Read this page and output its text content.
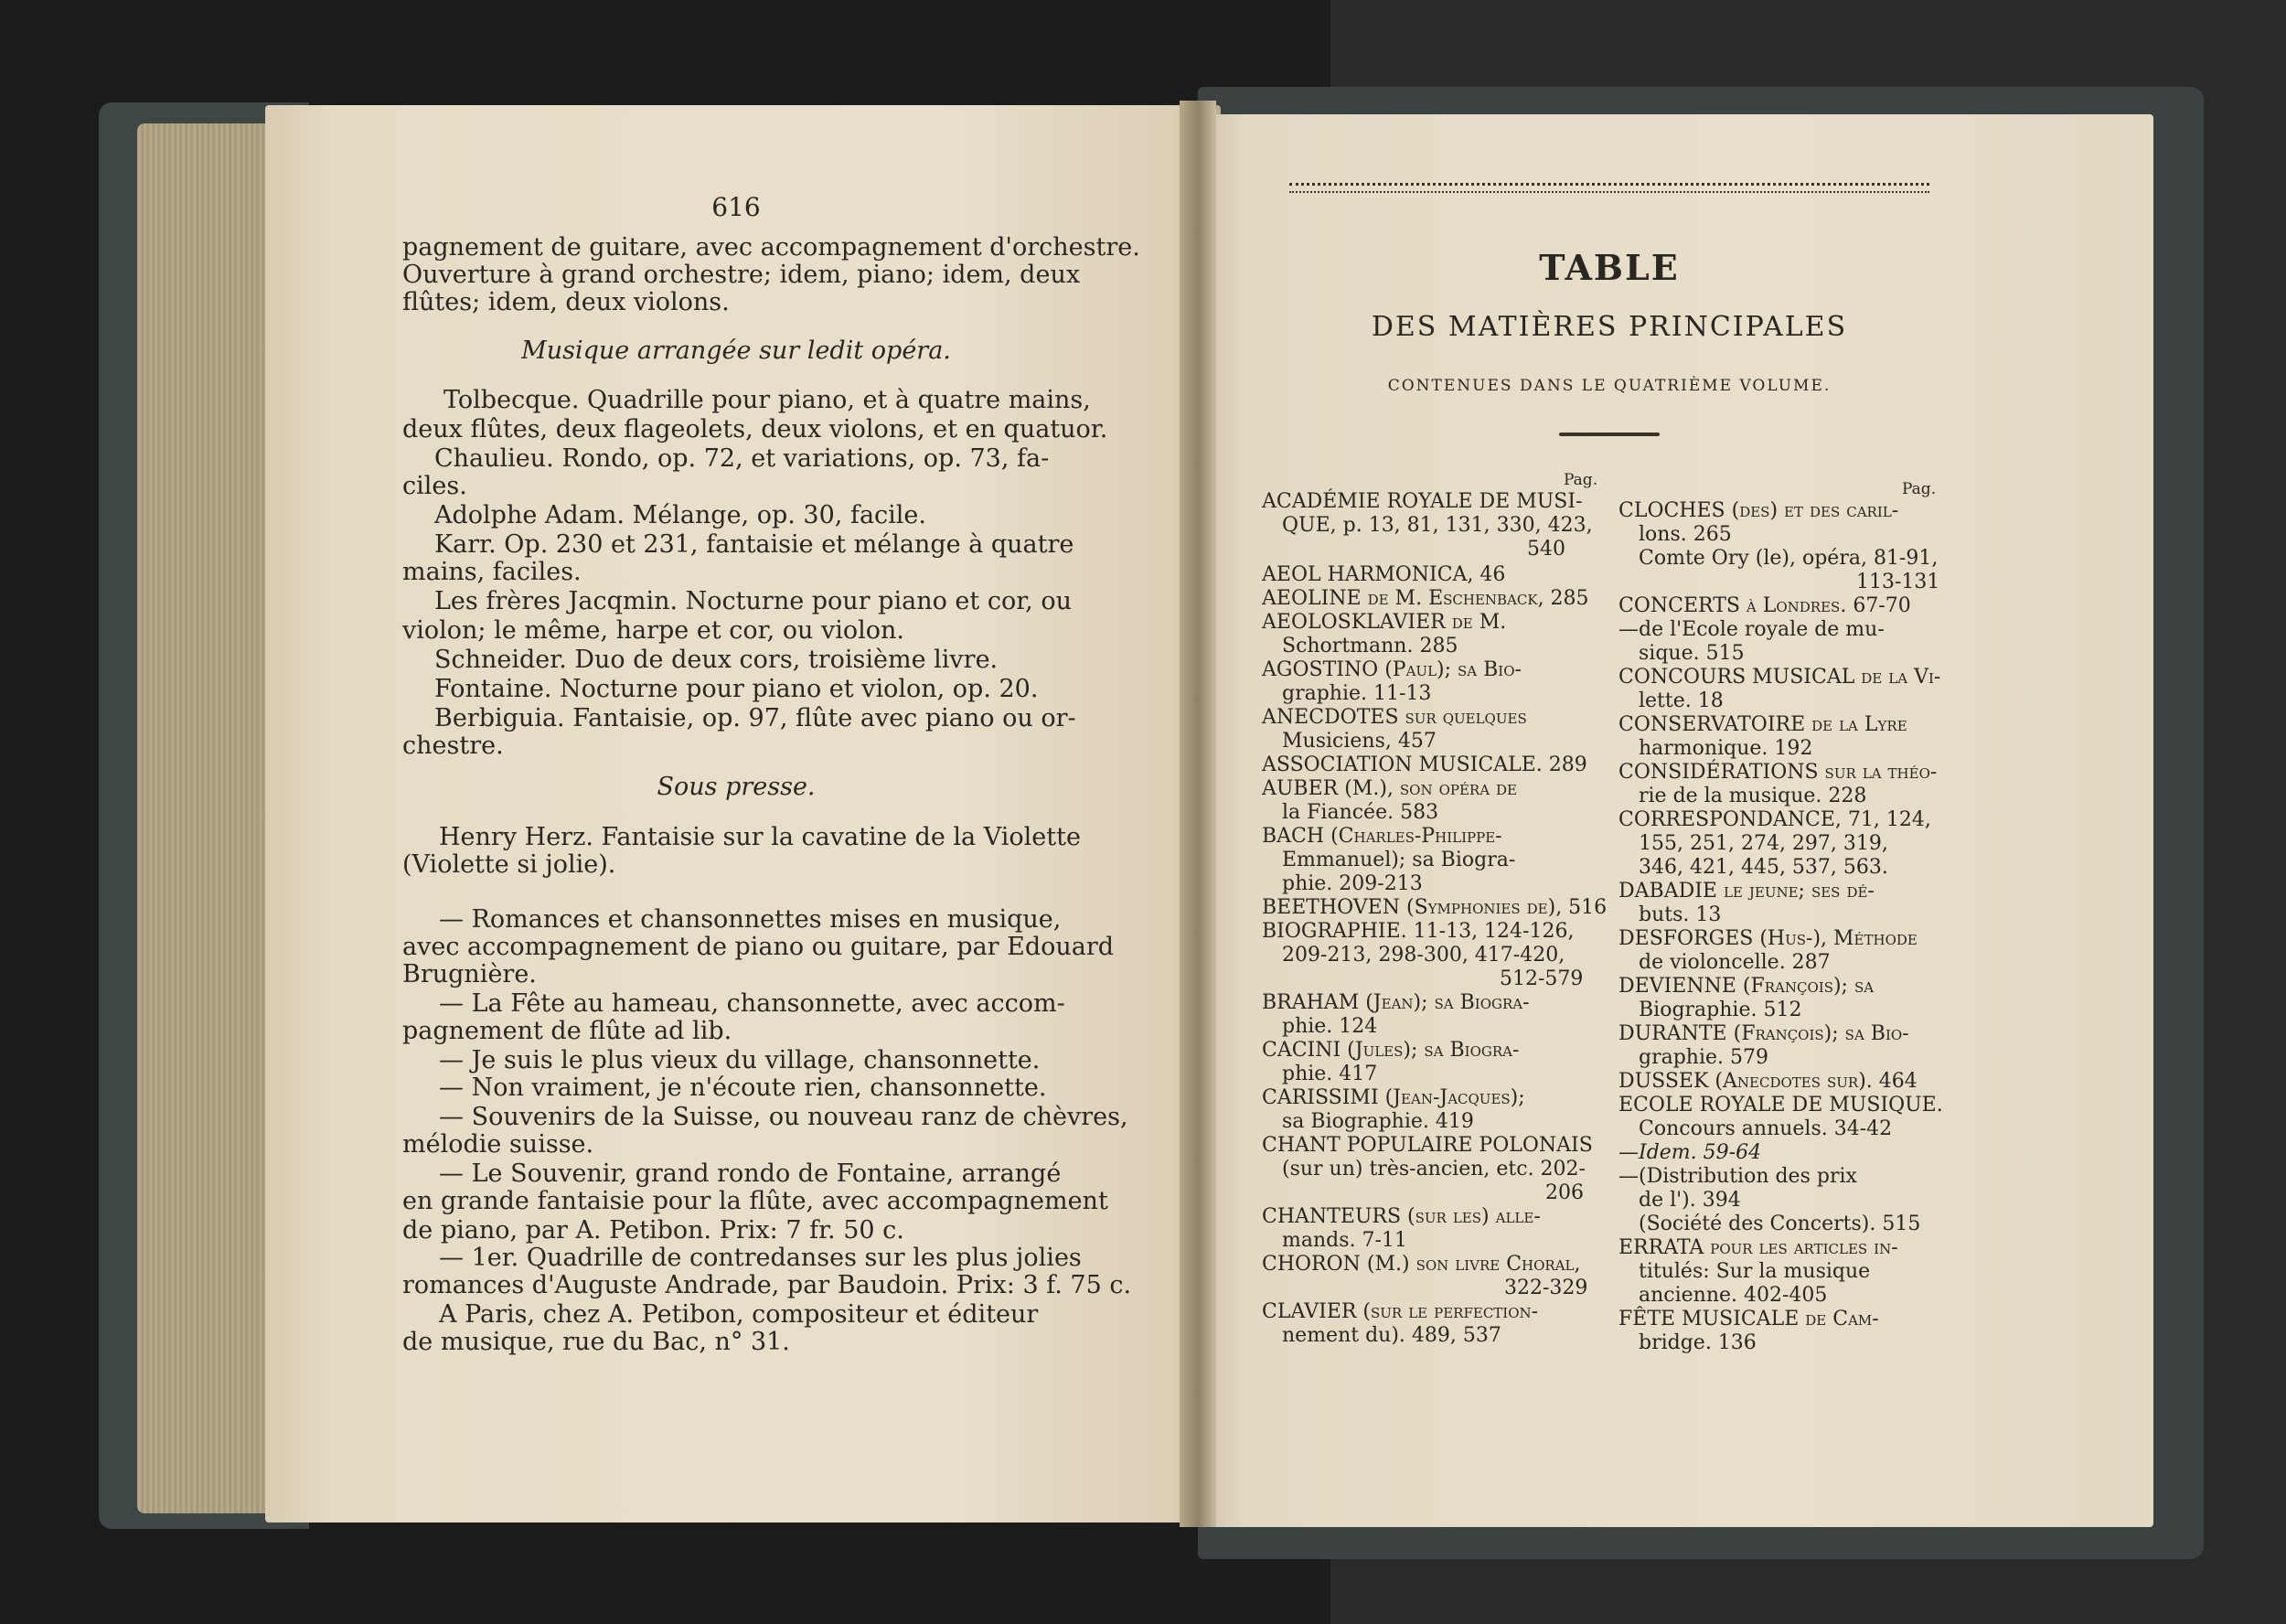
616
pagnement de guitare, avec accompagnement d'orchestre.
Ouverture à grand orchestre; idem, piano; idem, deux
flûtes; idem, deux violons.
Musique arrangée sur ledit opéra.
Tolbecque. Quadrille pour piano, et à quatre mains,
deux flûtes, deux flageolets, deux violons, et en quatuor.
Chaulieu. Rondo, op. 72, et variations, op. 73, fa-
ciles.
Adolphe Adam. Mélange, op. 30, facile.
Karr. Op. 230 et 231, fantaisie et mélange à quatre
mains, faciles.
Les frères Jacqmin. Nocturne pour piano et cor, ou
violon; le même, harpe et cor, ou violon.
Schneider. Duo de deux cors, troisième livre.
Fontaine. Nocturne pour piano et violon, op. 20.
Berbiguia. Fantaisie, op. 97, flûte avec piano ou or-
chestre.
Sous presse.
Henry Herz. Fantaisie sur la cavatine de la Violette
(Violette si jolie).
— Romances et chansonnettes mises en musique,
avec accompagnement de piano ou guitare, par Edouard
Brugnière.
— La Fête au hameau, chansonnette, avec accom-
pagnement de flûte ad lib.
— Je suis le plus vieux du village, chansonnette.
— Non vraiment, je n'écoute rien, chansonnette.
— Souvenirs de la Suisse, ou nouveau ranz de chèvres,
mélodie suisse.
— Le Souvenir, grand rondo de Fontaine, arrangé
en grande fantaisie pour la flûte, avec accompagnement
de piano, par A. Petibon. Prix: 7 fr. 50 c.
— 1er. Quadrille de contredanses sur les plus jolies
romances d'Auguste Andrade, par Baudoin. Prix: 3 f. 75 c.
A Paris, chez A. Petibon, compositeur et éditeur
de musique, rue du Bac, n° 31.
TABLE
DES MATIÈRES PRINCIPALES
CONTENUES DANS LE QUATRIÈME VOLUME.
Pag.	Pag.
ACADÉMIE ROYALE DE MUSI-
QUE, p. 13, 81, 131, 330, 423,
540
AEOL HARMONICA, 46
AEOLINE de M. Eschenback, 285
AEOLOSKLAVIER de M.
Schortmann. 285
AGOSTINO (Paul); sa Bio-
graphie. 11-13
ANECDOTES sur quelques
Musiciens, 457
ASSOCIATION MUSICALE. 289
AUBER (M.), son opéra de
la Fiancée. 583
BACH (Charles-Philippe-
Emmanuel); sa Biogra-
phie. 209-213
BEETHOVEN (Symphonies de), 516
BIOGRAPHIE. 11-13, 124-126,
209-213, 298-300, 417-420,
512-579
BRAHAM (Jean); sa Biogra-
phie. 124
CACINI (Jules); sa Biogra-
phie. 417
CARISSIMI (Jean-Jacques);
sa Biographie. 419
CHANT POPULAIRE POLONAIS
(sur un) très-ancien, etc. 202-
206
CHANTEURS (sur les) alle-
mands. 7-11
CHORON (M.) son livre Choral,
322-329
CLAVIER (sur le perfection-
nement du). 489, 537
CLOCHES (des) et des caril-
lons. 265
Comte Ory (le), opéra, 81-91,
113-131
CONCERTS à Londres. 67-70
—de l'Ecole royale de mu-
sique. 515
CONCOURS MUSICAL de la Vi-
lette. 18
CONSERVATOIRE de la Lyre
harmonique. 192
CONSIDÉRATIONS sur la théo-
rie de la musique. 228
CORRESPONDANCE, 71, 124,
155, 251, 274, 297, 319,
346, 421, 445, 537, 563.
DABADIE le jeune; ses dé-
buts. 13
DESFORGES (Hus-), Méthode
de violoncelle. 287
DEVIENNE (François); sa
Biographie. 512
DURANTE (François); sa Bio-
graphie. 579
DUSSEK (Anecdotes sur). 464
ECOLE ROYALE DE MUSIQUE.
Concours annuels. 34-42
—Idem. 59-64
—(Distribution des prix
de l'). 394
(Société des Concerts). 515
ERRATA pour les articles in-
titulés: Sur la musique
ancienne. 402-405
FÊTE MUSICALE de Cam-
bridge. 136
